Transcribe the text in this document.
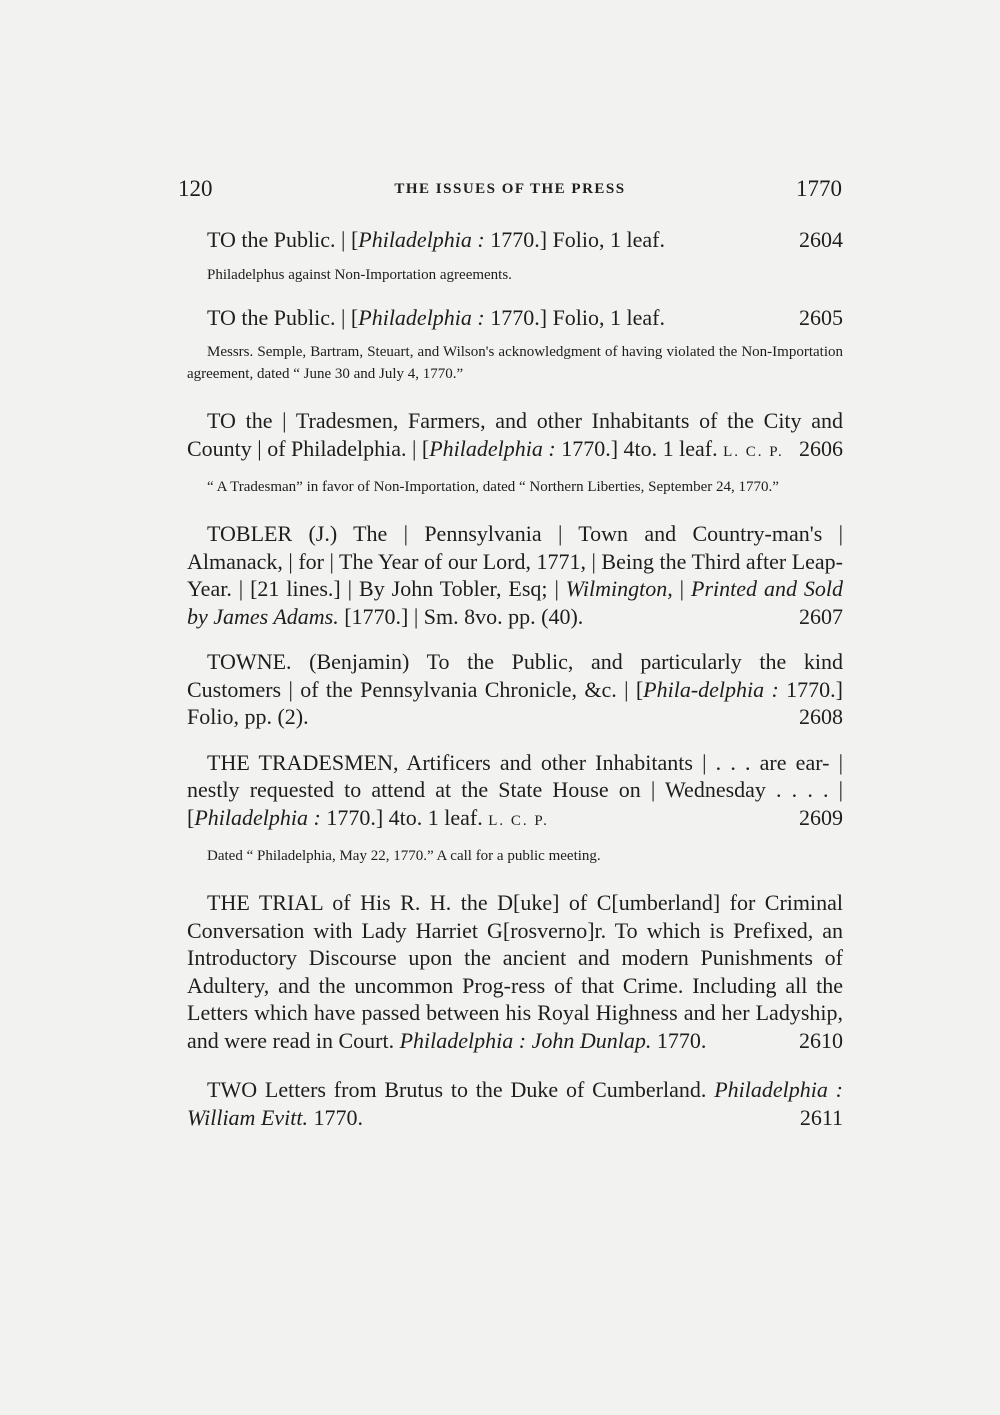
120	THE ISSUES OF THE PRESS	1770

TO the Public. | [Philadelphia : 1770.] Folio, 1 leaf.	2604

Philadelphus against Non-Importation agreements.

TO the Public. | [Philadelphia : 1770.] Folio, 1 leaf.	2605

Messrs. Semple, Bartram, Steuart, and Wilson's acknowledgment of having violated the Non-Importation agreement, dated “ June 30 and July 4, 1770.”

TO the | Tradesmen, Farmers, and other Inhabitants of the City and County | of Philadelphia. | [Philadelphia : 1770.] 4to. 1 leaf. L. C. P. 2606

“ A Tradesman” in favor of Non-Importation, dated “ Northern Liberties, September 24, 1770.”

TOBLER (J.) The | Pennsylvania | Town and Country-man's | Almanack, | for | The Year of our Lord, 1771, | Being the Third after Leap-Year. | [21 lines.] | By John Tobler, Esq; | Wilmington, | Printed and Sold by James Adams. [1770.] | Sm. 8vo. pp. (40).	2607

TOWNE. (Benjamin) To the Public, and particularly the kind Customers | of the Pennsylvania Chronicle, &c. | [Phila-delphia : 1770.] Folio, pp. (2).	2608

THE TRADESMEN, Artificers and other Inhabitants | . . . are ear- | nestly requested to attend at the State House on | Wednesday . . . . | [Philadelphia : 1770.] 4to. 1 leaf. L. C. P.	2609

Dated “ Philadelphia, May 22, 1770.” A call for a public meeting.

THE TRIAL of His R. H. the D[uke] of C[umberland] for Criminal Conversation with Lady Harriet G[rosverno]r. To which is Prefixed, an Introductory Discourse upon the ancient and modern Punishments of Adultery, and the uncommon Prog-ress of that Crime. Including all the Letters which have passed between his Royal Highness and her Ladyship, and were read in Court. Philadelphia : John Dunlap. 1770.	2610

TWO Letters from Brutus to the Duke of Cumberland. Philadelphia : William Evitt. 1770.	2611
